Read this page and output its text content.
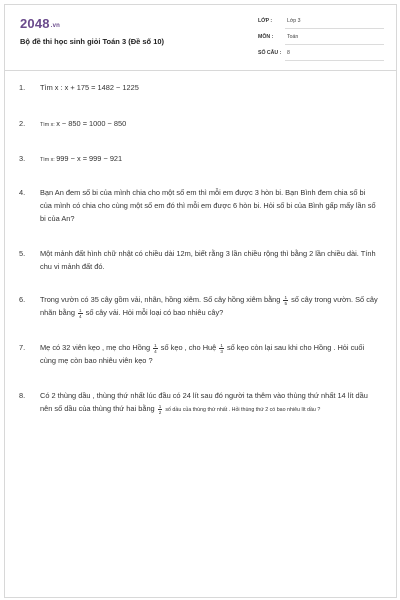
2048.vn
Bộ đề thi học sinh giỏi Toán 3 (Đề số 10)
LỚP :	Lớp 3
MÔN :	Toán
SỐ CÂU : 8
1.	Tìm x : x + 175 = 1482 − 1225
2.	Tìm x: x − 850 = 1000 − 850
3.	Tìm x: 999 − x = 999 − 921
4.	Bạn An đem số bi của mình chia cho một số em thì mỗi em được 3 hòn bi. Bạn Bình đem chia số bi của mình có chia cho cùng một số em đó thì mỗi em được 6 hòn bi. Hỏi số bi của Bình gấp mấy lần số bi của An?
5.	Một mảnh đất hình chữ nhật có chiều dài 12m, biết rằng 3 lần chiều rộng thì bằng 2 lần chiều dài. Tính chu vi mảnh đất đó.
6.	Trong vườn có 35 cây gồm vải, nhãn, hồng xiêm. Số cây hồng xiêm bằng $\frac{1}{5}$ số cây trong vườn. Số cây nhãn bằng $\frac{1}{4}$ số cây vải. Hỏi mỗi loại có bao nhiêu cây?
7.	Mẹ có 32 viên kẹo , mẹ cho Hồng $\frac{1}{4}$ số kẹo , cho Huệ $\frac{1}{3}$ số kẹo còn lại sau khi cho Hồng . Hỏi cuối cùng mẹ còn bao nhiêu viên kẹo ?
8.	Có 2 thùng dầu , thùng thứ nhất lúc đầu có 24 lít sau đó người ta thêm vào thùng thứ nhất 14 lít dầu nên số dầu của thùng thứ hai bằng $\frac{1}{2}$ số dầu của thùng thứ nhất . Hỏi thùng thứ 2 có bao nhiêu lít dầu ?
